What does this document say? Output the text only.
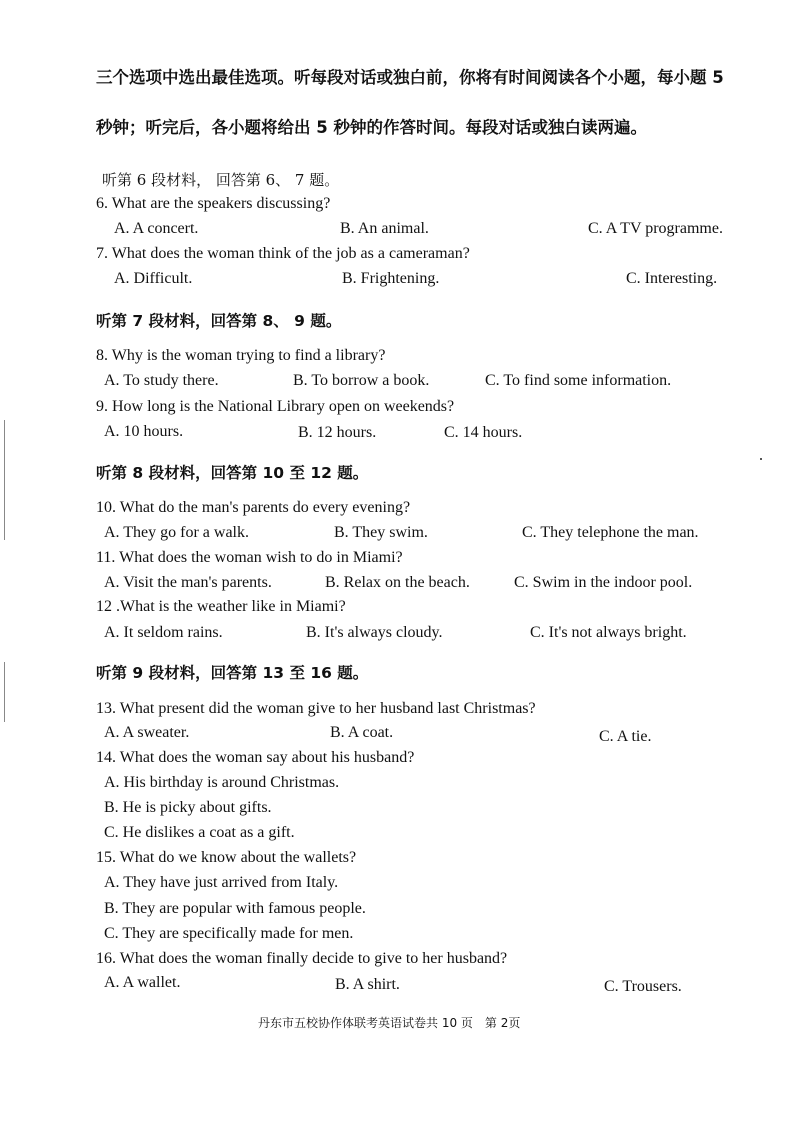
三个选项中选出最佳选项。听每段对话或独白前，你将有时间阅读各个小题，每小题 5
秒钟；听完后，各小题将给出 5 秒钟的作答时间。每段对话或独白读两遍。
听第 6 段材料， 回答第 6、 7 题。
6. What are the speakers discussing?
A. A concert.	B. An animal.	C. A TV programme.
7. What does the woman think of the job as a cameraman?
A. Difficult.	B. Frightening.	C. Interesting.
听第 7 段材料，回答第 8、 9 题。
8. Why is the woman trying to find a library?
A. To study there.	B. To borrow a book.	C. To find some information.
9. How long is the National Library open on weekends?
A. 10 hours.	B. 12 hours.	C. 14 hours.
听第 8 段材料，回答第 10 至 12 题。
10. What do the man's parents do every evening?
A. They go for a walk.	B. They swim.	C. They telephone the man.
11. What does the woman wish to do in Miami?
A. Visit the man's parents.	B. Relax on the beach.	C. Swim in the indoor pool.
12 .What is the weather like in Miami?
A. It seldom rains.	B. It's always cloudy.	C. It's not always bright.
听第 9 段材料，回答第 13 至 16 题。
13. What present did the woman give to her husband last Christmas?
A. A sweater.	B. A coat.	C. A tie.
14. What does the woman say about his husband?
A. His birthday is around Christmas.
B. He is picky about gifts.
C. He dislikes a coat as a gift.
15. What do we know about the wallets?
A. They have just arrived from Italy.
B. They are popular with famous people.
C. They are specifically made for men.
16. What does the woman finally decide to give to her husband?
A. A wallet.	B. A shirt.	C. Trousers.
丹东市五校协作体联考英语试卷共 10 页 第 2页
